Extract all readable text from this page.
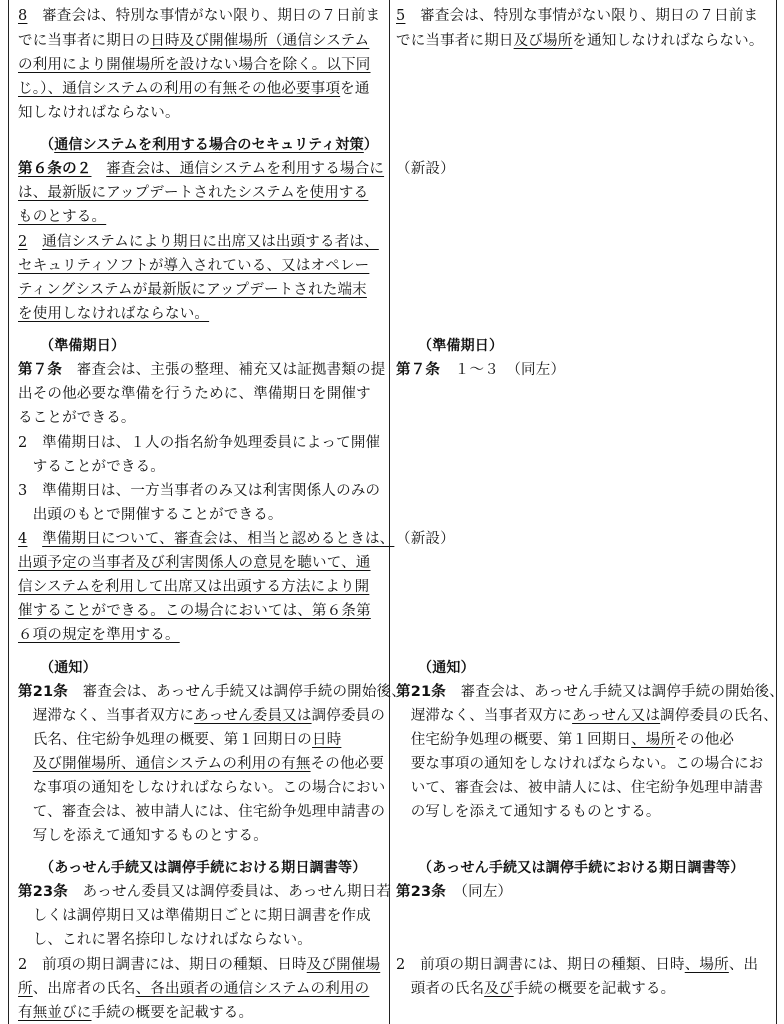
8　審査会は、特別な事情がない限り、期日の７日前ま
でに当事者に期日の日時及び開催場所（通信システム
の利用により開催場所を設けない場合を除く。以下同
じ。）、通信システムの利用の有無その他必要事項を通
知しなければならない。
（通信システムを利用する場合のセキュリティ対策）
第６条の２　 審査会は、通信システムを利用する場合に
は、最新版にアップデートされたシステムを使用する
ものとする。
2　 通信システムにより期日に出席又は出頭する者は、
セキュリティソフトが導入されている、又はオペレー
ティングシステムが最新版にアップデートされた端末
を使用しなければならない。
（準備期日）
第７条　審査会は、主張の整理、補充又は証拠書類の提
出その他必要な準備を行うために、準備期日を開催す
ることができる。
2　準備期日は、１人の指名紛争処理委員によって開催
　することができる。
3　準備期日は、一方当事者のみ又は利害関係人のみの
　出頭のもとで開催することができる。
4　 準備期日について、審査会は、相当と認めるときは、
出頭予定の当事者及び利害関係人の意見を聴いて、通
信システムを利用して出席又は出頭する方法により開
催することができる。この場合においては、第６条第
６項の規定を準用する。
（通知）
第21条　審査会は、あっせん手続又は調停手続の開始後、
　遅滞なく、当事者双方にあっせん委員又は調停委員の
　氏名、住宅紛争処理の概要、第１回期日の日時
　及び開催場所、通信システムの利用の有無その他必要
　な事項の通知をしなければならない。この場合におい
　て、審査会は、被申請人には、住宅紛争処理申請書の
　写しを添えて通知するものとする。
（あっせん手続又は調停手続における期日調書等）
第23条　あっせん委員又は調停委員は、あっせん期日若
　しくは調停期日又は準備期日ごとに期日調書を作成
　し、これに署名捺印しなければならない。
2　前項の期日調書には、期日の種類、日時及び開催場
所、出席者の氏名、各出頭者の通信システムの利用の
有無並びに手続の概要を記載する。
5　審査会は、特別な事情がない限り、期日の７日前ま
でに当事者に期日及び場所を通知しなければならない。
（新設）
（準備期日）
第７条　１～３　（同左）
（新設）
（通知）
第21条　審査会は、あっせん手続又は調停手続の開始後、
　遅滞なく、当事者双方にあっせん又は調停委員の氏名、
　住宅紛争処理の概要、第１回期日、場所その他必
　要な事項の通知をしなければならない。この場合にお
　いて、審査会は、被申請人には、住宅紛争処理申請書
　の写しを添えて通知するものとする。
（あっせん手続又は調停手続における期日調書等）
第23条　（同左）
2　前項の期日調書には、期日の種類、日時、場所、出
　頭者の氏名及び手続の概要を記載する。
